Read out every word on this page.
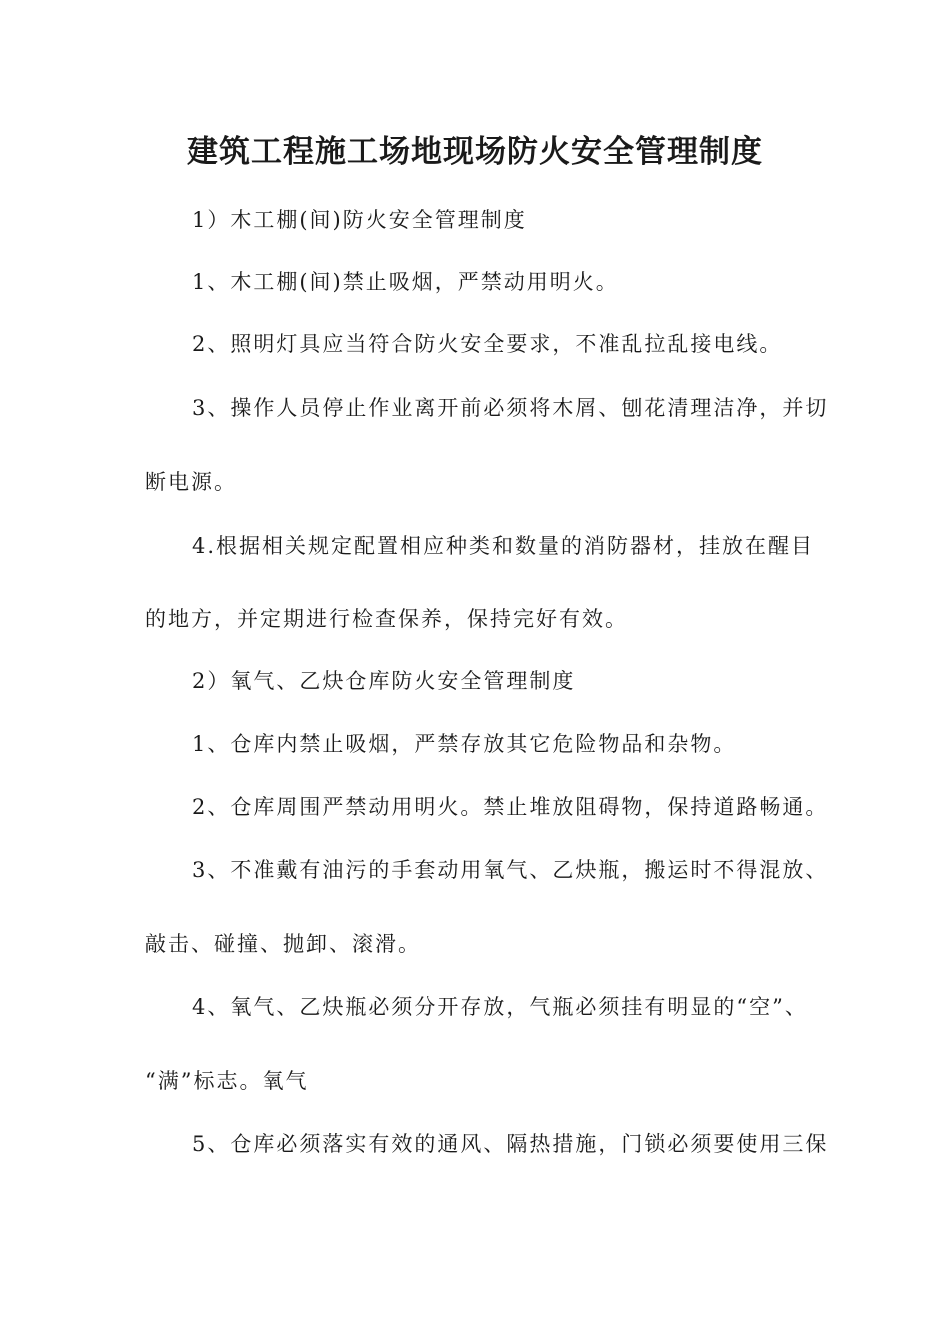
建筑工程施工场地现场防火安全管理制度
1）木工棚(间)防火安全管理制度
1、木工棚(间)禁止吸烟，严禁动用明火。
2、照明灯具应当符合防火安全要求，不准乱拉乱接电线。
3、操作人员停止作业离开前必须将木屑、刨花清理洁净，并切
断电源。
4.根据相关规定配置相应种类和数量的消防器材，挂放在醒目
的地方，并定期进行检查保养，保持完好有效。
2）氧气、乙炔仓库防火安全管理制度
1、仓库内禁止吸烟，严禁存放其它危险物品和杂物。
2、仓库周围严禁动用明火。禁止堆放阻碍物，保持道路畅通。
3、不准戴有油污的手套动用氧气、乙炔瓶，搬运时不得混放、
敲击、碰撞、抛卸、滚滑。
4、氧气、乙炔瓶必须分开存放，气瓶必须挂有明显的“空”、
“满”标志。氧气
5、仓库必须落实有效的通风、隔热措施，门锁必须要使用三保
